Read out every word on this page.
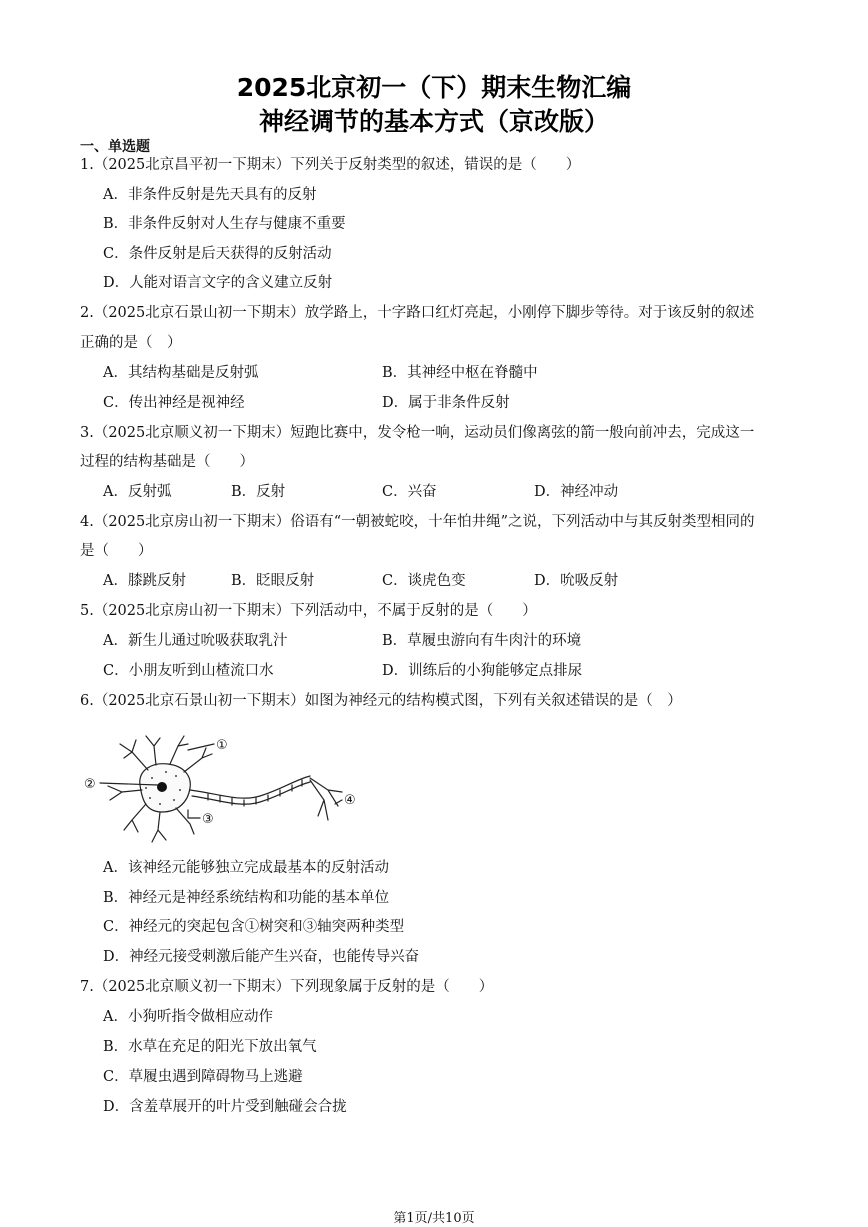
2025北京初一（下）期末生物汇编
神经调节的基本方式（京改版）
一、单选题
1.（2025北京昌平初一下期末）下列关于反射类型的叙述，错误的是（　　）
A．非条件反射是先天具有的反射
B．非条件反射对人生存与健康不重要
C．条件反射是后天获得的反射活动
D．人能对语言文字的含义建立反射
2.（2025北京石景山初一下期末）放学路上，十字路口红灯亮起，小刚停下脚步等待。对于该反射的叙述
正确的是（　）
A．其结构基础是反射弧	B．其神经中枢在脊髓中
C．传出神经是视神经	D．属于非条件反射
3.（2025北京顺义初一下期末）短跑比赛中，发令枪一响，运动员们像离弦的箭一般向前冲去，完成这一
过程的结构基础是（　　）
A．反射弧	B．反射	C．兴奋	D．神经冲动
4.（2025北京房山初一下期末）俗语有“一朝被蛇咬，十年怕井绳”之说，下列活动中与其反射类型相同的
是（　　）
A．膝跳反射	B．眨眼反射	C．谈虎色变	D．吮吸反射
5.（2025北京房山初一下期末）下列活动中，不属于反射的是（　　）
A．新生儿通过吮吸获取乳汁	B．草履虫游向有牛肉汁的环境
C．小朋友听到山楂流口水	D．训练后的小狗能够定点排尿
6.（2025北京石景山初一下期末）如图为神经元的结构模式图，下列有关叙述错误的是（　）
①
②
③
④
A．该神经元能够独立完成最基本的反射活动
B．神经元是神经系统结构和功能的基本单位
C．神经元的突起包含①树突和③轴突两种类型
D．神经元接受刺激后能产生兴奋，也能传导兴奋
7.（2025北京顺义初一下期末）下列现象属于反射的是（　　）
A．小狗听指令做相应动作
B．水草在充足的阳光下放出氧气
C．草履虫遇到障碍物马上逃避
D．含羞草展开的叶片受到触碰会合拢
第1页/共10页
